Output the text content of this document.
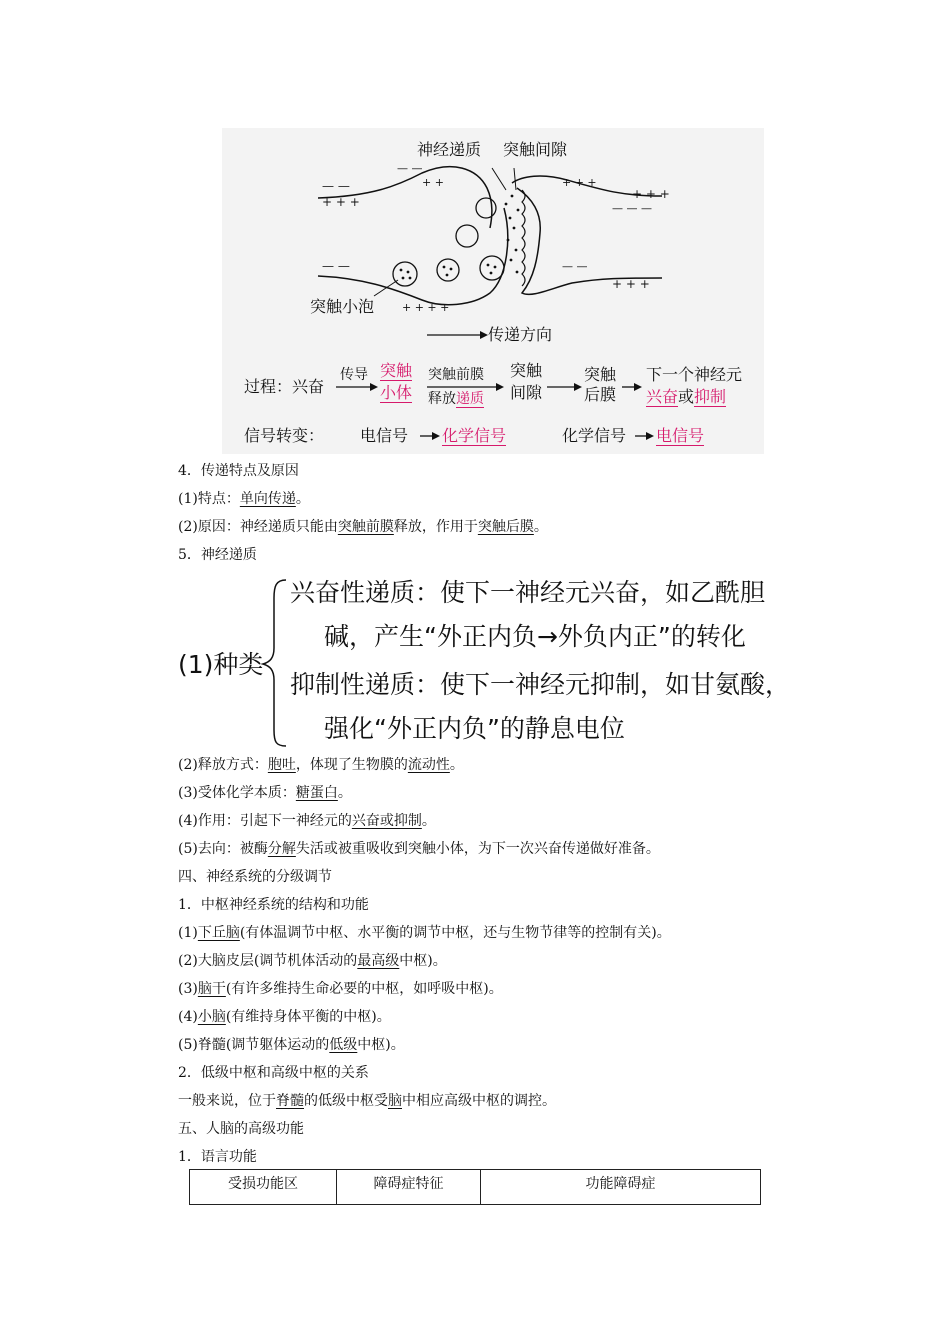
+ + +
— —
— —
+ +	+ + +
— — —
+ + +
— —
+ + + +
— —
+ + +
神经递质 突触间隙
突触小泡
传递方向
过程：兴奋
传导 突触
小体
突触前膜
释放递质
突触
间隙
突触
后膜
下一个神经元
兴奋或抑制
信号转变： 电信号 化学信号	化学信号 电信号
4．传递特点及原因
(1)特点：单向传递。
(2)原因：神经递质只能由突触前膜释放，作用于突触后膜。
5．神经递质
(1)种类
兴奋性递质：使下一神经元兴奋，如乙酰胆
碱，产生“外正内负→外负内正”的转化
抑制性递质：使下一神经元抑制，如甘氨酸，
强化“外正内负”的静息电位
(2)释放方式：胞吐，体现了生物膜的流动性。
(3)受体化学本质：糖蛋白。
(4)作用：引起下一神经元的兴奋或抑制。
(5)去向：被酶分解失活或被重吸收到突触小体，为下一次兴奋传递做好准备。
四、神经系统的分级调节
1．中枢神经系统的结构和功能
(1)下丘脑(有体温调节中枢、水平衡的调节中枢，还与生物节律等的控制有关)。
(2)大脑皮层(调节机体活动的最高级中枢)。
(3)脑干(有许多维持生命必要的中枢，如呼吸中枢)。
(4)小脑(有维持身体平衡的中枢)。
(5)脊髓(调节躯体运动的低级中枢)。
2．低级中枢和高级中枢的关系
一般来说，位于脊髓的低级中枢受脑中相应高级中枢的调控。
五、人脑的高级功能
1．语言功能
受损功能区	障碍症特征	功能障碍症
